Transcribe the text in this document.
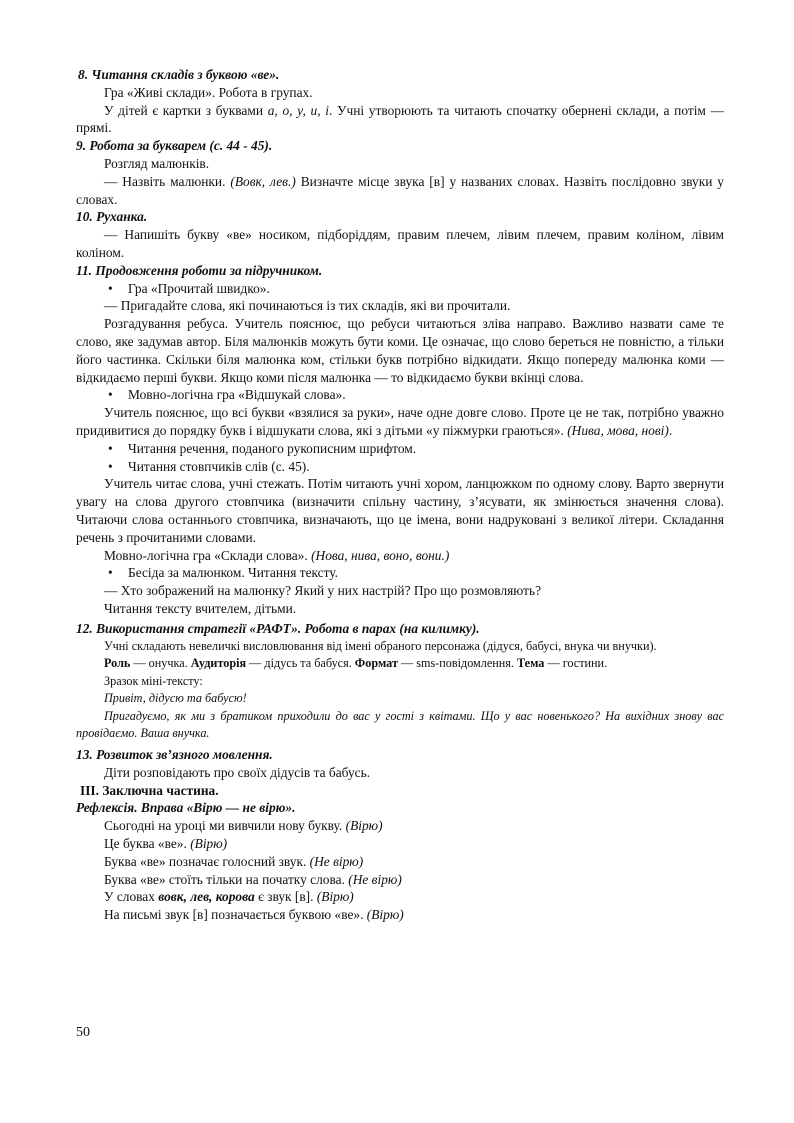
8. Читання складів з буквою «ве».

Гра «Живі склади». Робота в групах.

У дітей є картки з буквами а, о, у, и, і. Учні утворюють та читають спочатку обернені склади, а потім — прямі.

9. Робота за букварем (с. 44 - 45).

Розгляд малюнків.

— Назвіть малюнки. (Вовк, лев.) Визначте місце звука [в] у названих словах. Назвіть послідовно звуки у словах.

10. Руханка.

— Напишіть букву «ве» носиком, підборіддям, правим плечем, лівим плечем, правим коліном, лівим коліном.

11. Продовження роботи за підручником.

• Гра «Прочитай швидко».

— Пригадайте слова, які починаються із тих складів, які ви прочитали.

Розгадування ребуса. Учитель пояснює, що ребуси читаються зліва направо. Важливо назвати саме те слово, яке задумав автор. Біля малюнків можуть бути коми. Це означає, що слово береться не повністю, а тільки його частинка. Скільки біля малюнка ком, стільки букв потрібно відкидати. Якщо попереду малюнка коми — відкидаємо перші букви. Якщо коми після малюнка — то відкидаємо букви вкінці слова.

• Мовно-логічна гра «Відшукай слова».

Учитель пояснює, що всі букви «взялися за руки», наче одне довге слово. Проте це не так, потрібно уважно придивитися до порядку букв і відшукати слова, які з дітьми «у піжмурки граються». (Нива, мова, нові).

• Читання речення, поданого рукописним шрифтом.

• Читання стовпчиків слів (с. 45).

Учитель читає слова, учні стежать. Потім читають учні хором, ланцюжком по одному слову. Варто звернути увагу на слова другого стовпчика (визначити спільну частину, з’ясувати, як змінюється значення слова). Читаючи слова останнього стовпчика, визначають, що це імена, вони надруковані з великої літери. Складання речень з прочитаними словами.

Мовно-логічна гра «Склади слова». (Нова, нива, воно, вони.)

• Бесіда за малюнком. Читання тексту.

— Хто зображений на малюнку? Який у них настрій? Про що розмовляють?

Читання тексту вчителем, дітьми.

12. Використання стратегії «РАФТ». Робота в парах (на килимку).

Учні складають невеличкі висловлювання від імені обраного персонажа (дідуся, бабусі, внука чи внучки).

Роль — онучка. Аудиторія — дідусь та бабуся. Формат — sms-повідомлення. Тема — гостини.

Зразок міні-тексту:

Привіт, дідусю та бабусю!

Пригадуємо, як ми з братиком приходили до вас у гості з квітами. Що у вас новенького? На вихідних знову вас провідаємо. Ваша внучка.

13. Розвиток зв’язного мовлення.

Діти розповідають про своїх дідусів та бабусь.

III. Заключна частина.

Рефлексія. Вправа «Вірю — не вірю».

Сьогодні на уроці ми вивчили нову букву. (Вірю)

Це буква «ве». (Вірю)

Буква «ве» позначає голосний звук. (Не вірю)

Буква «ве» стоїть тільки на початку слова. (Не вірю)

У словах вовк, лев, корова є звук [в]. (Вірю)

На письмі звук [в] позначається буквою «ве». (Вірю)

50
